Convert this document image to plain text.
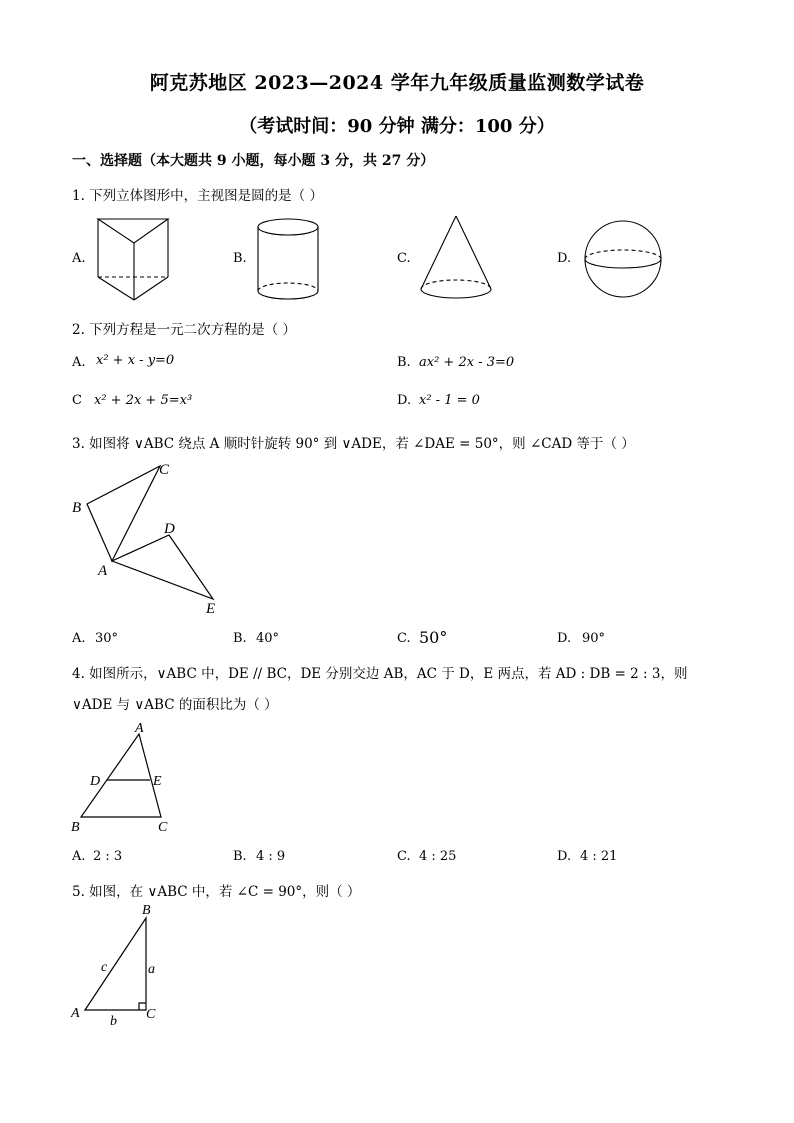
阿克苏地区 2023—2024 学年九年级质量监测数学试卷
（考试时间：90 分钟 满分：100 分）
一、选择题（本大题共 9 小题，每小题 3 分，共 27 分）
1. 下列立体图形中，主视图是圆的是（ ）
A.	B.	C.	D.
2. 下列方程是一元二次方程的是（ ）
A. x² + x - y=0	B. ax² + 2x - 3=0
C x² + 2x + 5=x³	D. x² - 1 = 0
3. 如图将 ∨ABC 绕点 A 顺时针旋转 90° 到 ∨ADE，若 ∠DAE = 50°，则 ∠CAD 等于（ ）
B
C
D
A
E
A. 30°	B. 40°	C. 50°	D. 90°
4. 如图所示，∨ABC 中，DE // BC，DE 分别交边 AB，AC 于 D，E 两点，若 AD : DB = 2 : 3，则
∨ADE 与 ∨ABC 的面积比为（ ）
A
D	E
B	C
A. 2 : 3	B. 4 : 9	C. 4 : 25	D. 4 : 21
5. 如图，在 ∨ABC 中，若 ∠C = 90°，则（ ）
B
A	C
c	a
b
